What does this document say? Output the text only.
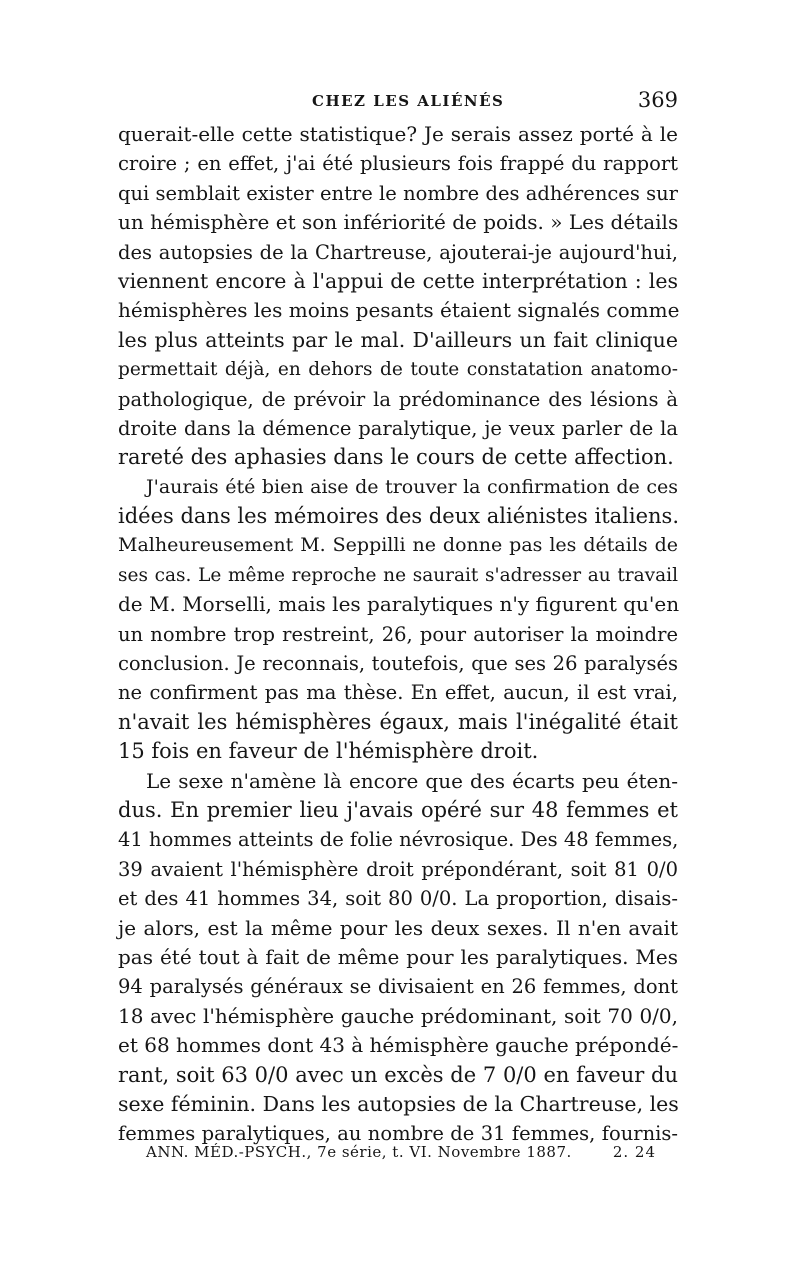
CHEZ LES ALIÉNÉS	369
querait-elle cette statistique? Je serais assez porté à le
croire ; en effet, j'ai été plusieurs fois frappé du rapport
qui semblait exister entre le nombre des adhérences sur
un hémisphère et son infériorité de poids. » Les détails
des autopsies de la Chartreuse, ajouterai-je aujourd'hui,
viennent encore à l'appui de cette interprétation : les
hémisphères les moins pesants étaient signalés comme
les plus atteints par le mal. D'ailleurs un fait clinique
permettait déjà, en dehors de toute constatation anatomo-
pathologique, de prévoir la prédominance des lésions à
droite dans la démence paralytique, je veux parler de la
rareté des aphasies dans le cours de cette affection.
J'aurais été bien aise de trouver la confirmation de ces
idées dans les mémoires des deux aliénistes italiens.
Malheureusement M. Seppilli ne donne pas les détails de
ses cas. Le même reproche ne saurait s'adresser au travail
de M. Morselli, mais les paralytiques n'y figurent qu'en
un nombre trop restreint, 26, pour autoriser la moindre
conclusion. Je reconnais, toutefois, que ses 26 paralysés
ne confirment pas ma thèse. En effet, aucun, il est vrai,
n'avait les hémisphères égaux, mais l'inégalité était
15 fois en faveur de l'hémisphère droit.
Le sexe n'amène là encore que des écarts peu éten-
dus. En premier lieu j'avais opéré sur 48 femmes et
41 hommes atteints de folie névrosique. Des 48 femmes,
39 avaient l'hémisphère droit prépondérant, soit 81 0/0
et des 41 hommes 34, soit 80 0/0. La proportion, disais-
je alors, est la même pour les deux sexes. Il n'en avait
pas été tout à fait de même pour les paralytiques. Mes
94 paralysés généraux se divisaient en 26 femmes, dont
18 avec l'hémisphère gauche prédominant, soit 70 0/0,
et 68 hommes dont 43 à hémisphère gauche prépondé-
rant, soit 63 0/0 avec un excès de 7 0/0 en faveur du
sexe féminin. Dans les autopsies de la Chartreuse, les
femmes paralytiques, au nombre de 31 femmes, fournis-
ANN. MÉD.-PSYCH., 7e série, t. VI. Novembre 1887.	2. 24
